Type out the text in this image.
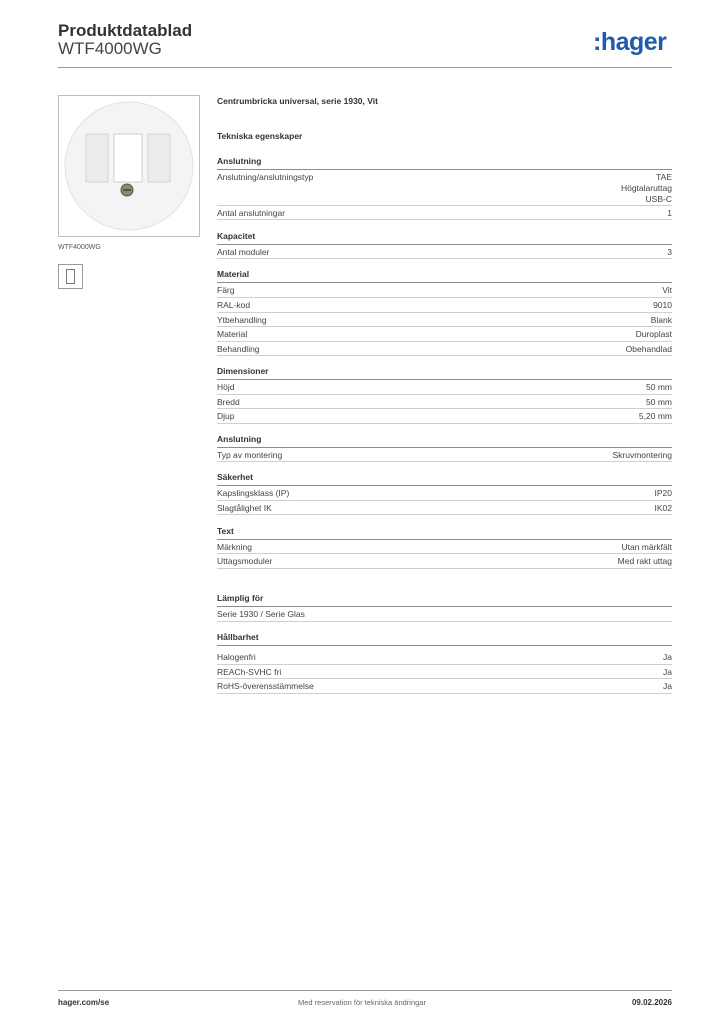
Produktdatablad
WTF4000WG	:hager
WTF4000WG
Centrumbricka universal, serie 1930, Vit
Tekniska egenskaper
Anslutning
Anslutning/anslutningstyp	TAE
Högtalaruttag
USB-C
Antal anslutningar	1
Kapacitet
Antal moduler	3
Material
Färg	Vit
RAL-kod	9010
Ytbehandling	Blank
Material	Duroplast
Behandling	Obehandlad
Dimensioner
Höjd	50 mm
Bredd	50 mm
Djup	5,20 mm
Anslutning
Typ av montering	Skruvmontering
Säkerhet
Kapslingsklass (IP)	IP20
Slagtålighet IK	IK02
Text
Märkning	Utan märkfält
Uttagsmoduler	Med rakt uttag
Lämplig för
Serie 1930 / Serie Glas
Hållbarhet
Halogenfri	Ja
REACh-SVHC fri	Ja
RoHS-överensstämmelse	Ja
hager.com/se	Med reservation för tekniska ändringar	09.02.2026
